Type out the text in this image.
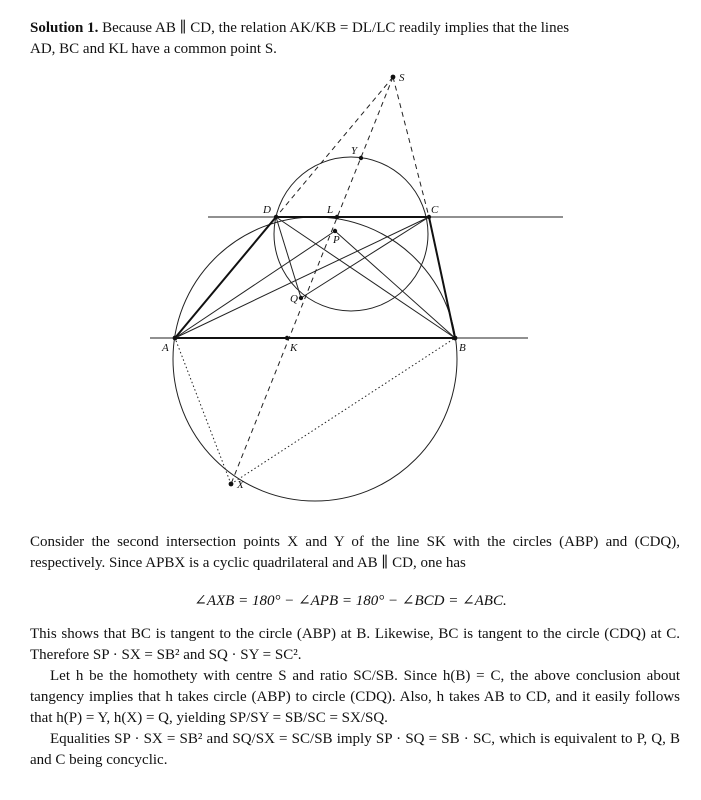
Solution 1. Because AB ∥ CD, the relation AK/KB = DL/LC readily implies that the lines
AD, BC and KL have a common point S.
S
Y
D	L	C
P
Q
A	K	B
X
Consider the second intersection points X and Y of the line SK with the circles (ABP) and (CDQ), respectively. Since APBX is a cyclic quadrilateral and AB ∥ CD, one has
∠AXB = 180° − ∠APB = 180° − ∠BCD = ∠ABC.
This shows that BC is tangent to the circle (ABP) at B. Likewise, BC is tangent to the circle (CDQ) at C. Therefore SP · SX = SB² and SQ · SY = SC².
Let h be the homothety with centre S and ratio SC/SB. Since h(B) = C, the above conclusion about tangency implies that h takes circle (ABP) to circle (CDQ). Also, h takes AB to CD, and it easily follows that h(P) = Y, h(X) = Q, yielding SP/SY = SB/SC = SX/SQ.
Equalities SP · SX = SB² and SQ/SX = SC/SB imply SP · SQ = SB · SC, which is equivalent to P, Q, B and C being concyclic.
